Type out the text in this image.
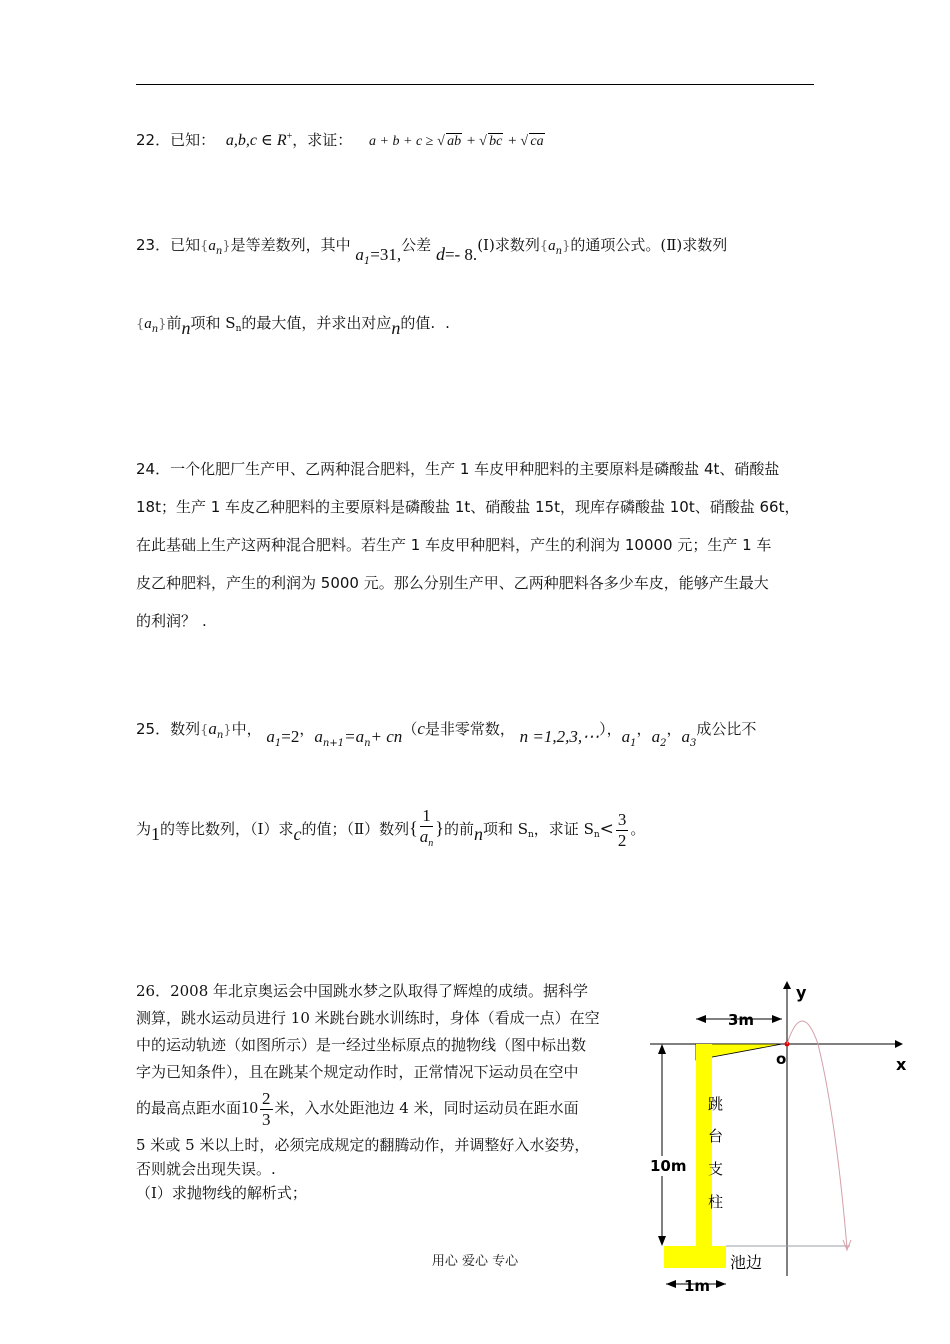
22．已知： a,b,c ∈ R+，求证： a + b + c ≥ √ ab + √ bc + √ ca
23．已知$\{a_n\}$是等差数列，其中 $a_1=31$,公差 d=- 8.(Ⅰ)求数列$\{a_n\}$的通项公式。(Ⅱ)求数列
$\{a_n\}$前n项和 $S_n$的最大值，并求出对应n的值. .
24．一个化肥厂生产甲、乙两种混合肥料，生产 1 车皮甲种肥料的主要原料是磷酸盐 4t、硝酸盐
18t；生产 1 车皮乙种肥料的主要原料是磷酸盐 1t、硝酸盐 15t，现库存磷酸盐 10t、硝酸盐 66t，
在此基础上生产这两种混合肥料。若生产 1 车皮甲种肥料，产生的利润为 10000 元；生产 1 车
皮乙种肥料，产生的利润为 5000 元。那么分别生产甲、乙两种肥料各多少车皮，能够产生最大
的利润？ .
25．数列$\{a_n\}$中， $a_1=2$，$a_{n+1}=a_n+ cn(c$是非零常数， n =1,2,3,⋯），$a_1$，$a_2$，$a_3$成公比不
为1的等比数列，（Ⅰ）求c的值；（Ⅱ）数列{ $\frac{1}{a_n}$ }的前n项和 $S_n$，求证 $S_n< \frac{3}{2}$ 。
26．2008 年北京奥运会中国跳水梦之队取得了辉煌的成绩。据科学
测算，跳水运动员进行 10 米跳台跳水训练时，身体（看成一点）在空
中的运动轨迹（如图所示）是一经过坐标原点的抛物线（图中标出数
字为已知条件），且在跳某个规定动作时，正常情况下运动员在空中
的最高点距水面$10 \frac{2}{3}$ 米，入水处距池边 4 米，同时运动员在距水面
5 米或 5 米以上时，必须完成规定的翻腾动作，并调整好入水姿势，
否则就会出现失误。.
（Ⅰ）求抛物线的解析式；
y
x
o
3m
跳
台
支
柱
池边
10m
1m
用心 爱心 专心
